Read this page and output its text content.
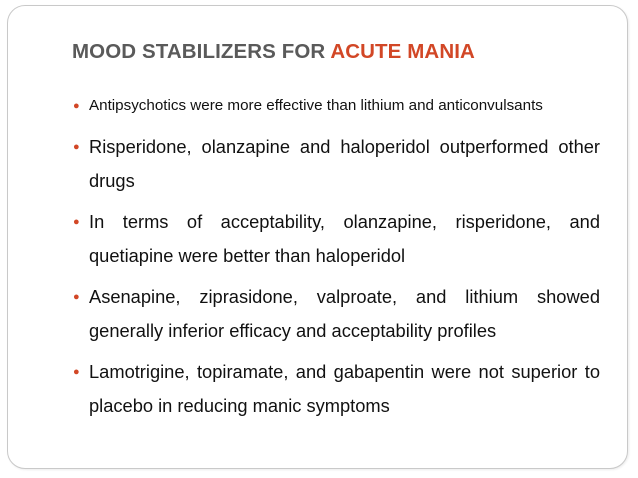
MOOD STABILIZERS FOR ACUTE MANIA
● Antipsychotics were more effective than lithium and anticonvulsants
● Risperidone, olanzapine and haloperidol outperformed other drugs
● In terms of acceptability, olanzapine, risperidone, and quetiapine were better than haloperidol
● Asenapine, ziprasidone, valproate, and lithium showed generally inferior efficacy and acceptability profiles
● Lamotrigine, topiramate, and gabapentin were not superior to placebo in reducing manic symptoms
